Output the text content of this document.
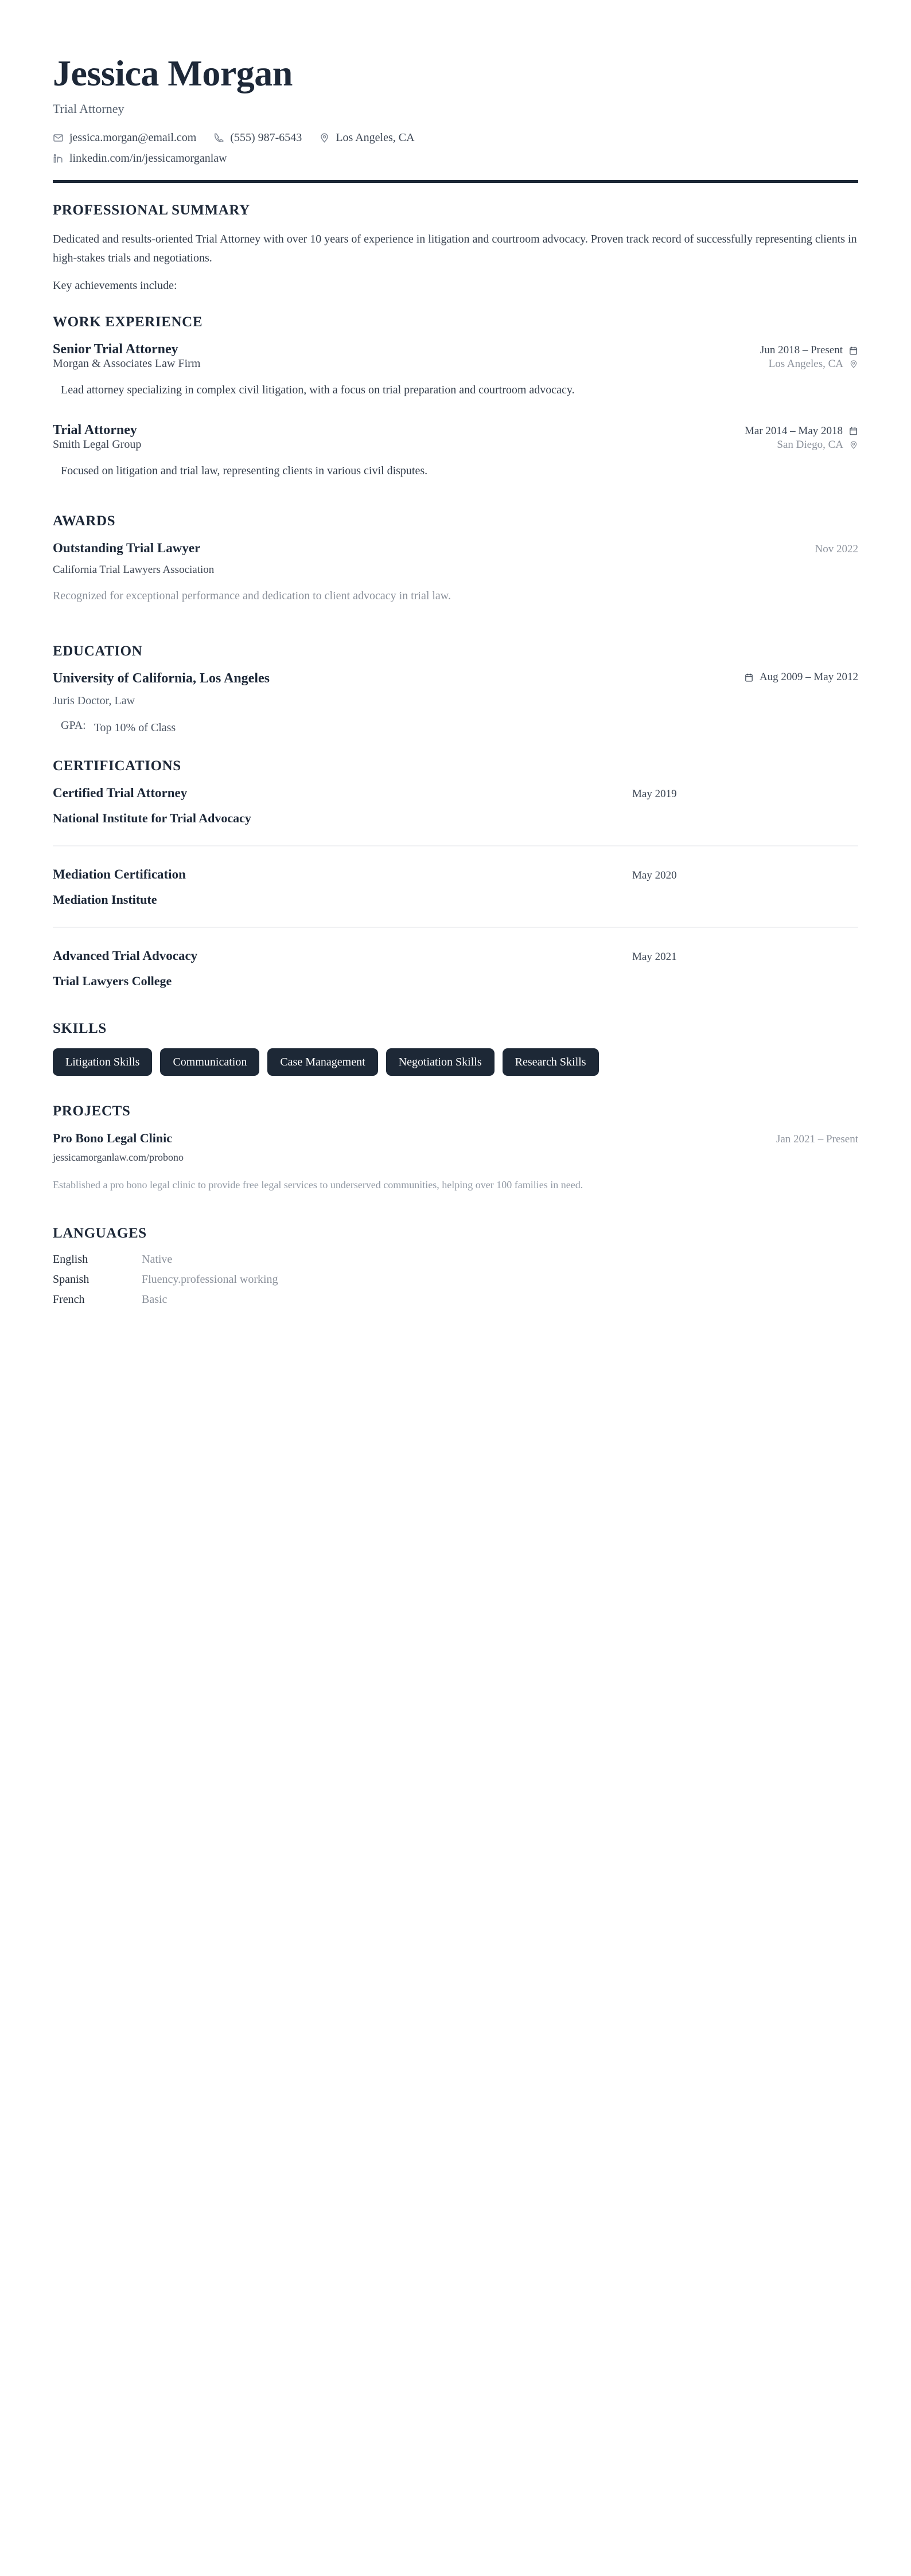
Jessica Morgan
Trial Attorney
jessica.morgan@email.com	(555) 987-6543	Los Angeles, CA
linkedin.com/in/jessicamorganlaw
PROFESSIONAL SUMMARY

Dedicated and results-oriented Trial Attorney with over 10 years of experience in litigation and courtroom advocacy. Proven track record of successfully representing clients in high-stakes trials and negotiations.

Key achievements include:

WORK EXPERIENCE
Senior Trial Attorney	Jun 2018 – Present
Morgan & Associates Law Firm	Los Angeles, CA

Lead attorney specializing in complex civil litigation, with a focus on trial preparation and courtroom advocacy.

Trial Attorney	Mar 2014 – May 2018
Smith Legal Group	San Diego, CA

Focused on litigation and trial law, representing clients in various civil disputes.

AWARDS
Outstanding Trial Lawyer	Nov 2022
California Trial Lawyers Association

Recognized for exceptional performance and dedication to client advocacy in trial law.

EDUCATION
University of California, Los Angeles	Aug 2009 – May 2012
Juris Doctor, Law
GPA: Top 10% of Class
CERTIFICATIONS
Certified Trial Attorney	May 2019
National Institute for Trial Advocacy
Mediation Certification	May 2020
Mediation Institute
Advanced Trial Advocacy	May 2021
Trial Lawyers College
SKILLS
Litigation Skills	Communication	Case Management	Negotiation Skills	Research Skills
PROJECTS
Pro Bono Legal Clinic	Jan 2021 – Present
jessicamorganlaw.com/probono

Established a pro bono legal clinic to provide free legal services to underserved communities, helping over 100 families in need.

LANGUAGES
English	Native
Spanish	Fluency.professional working
French	Basic
